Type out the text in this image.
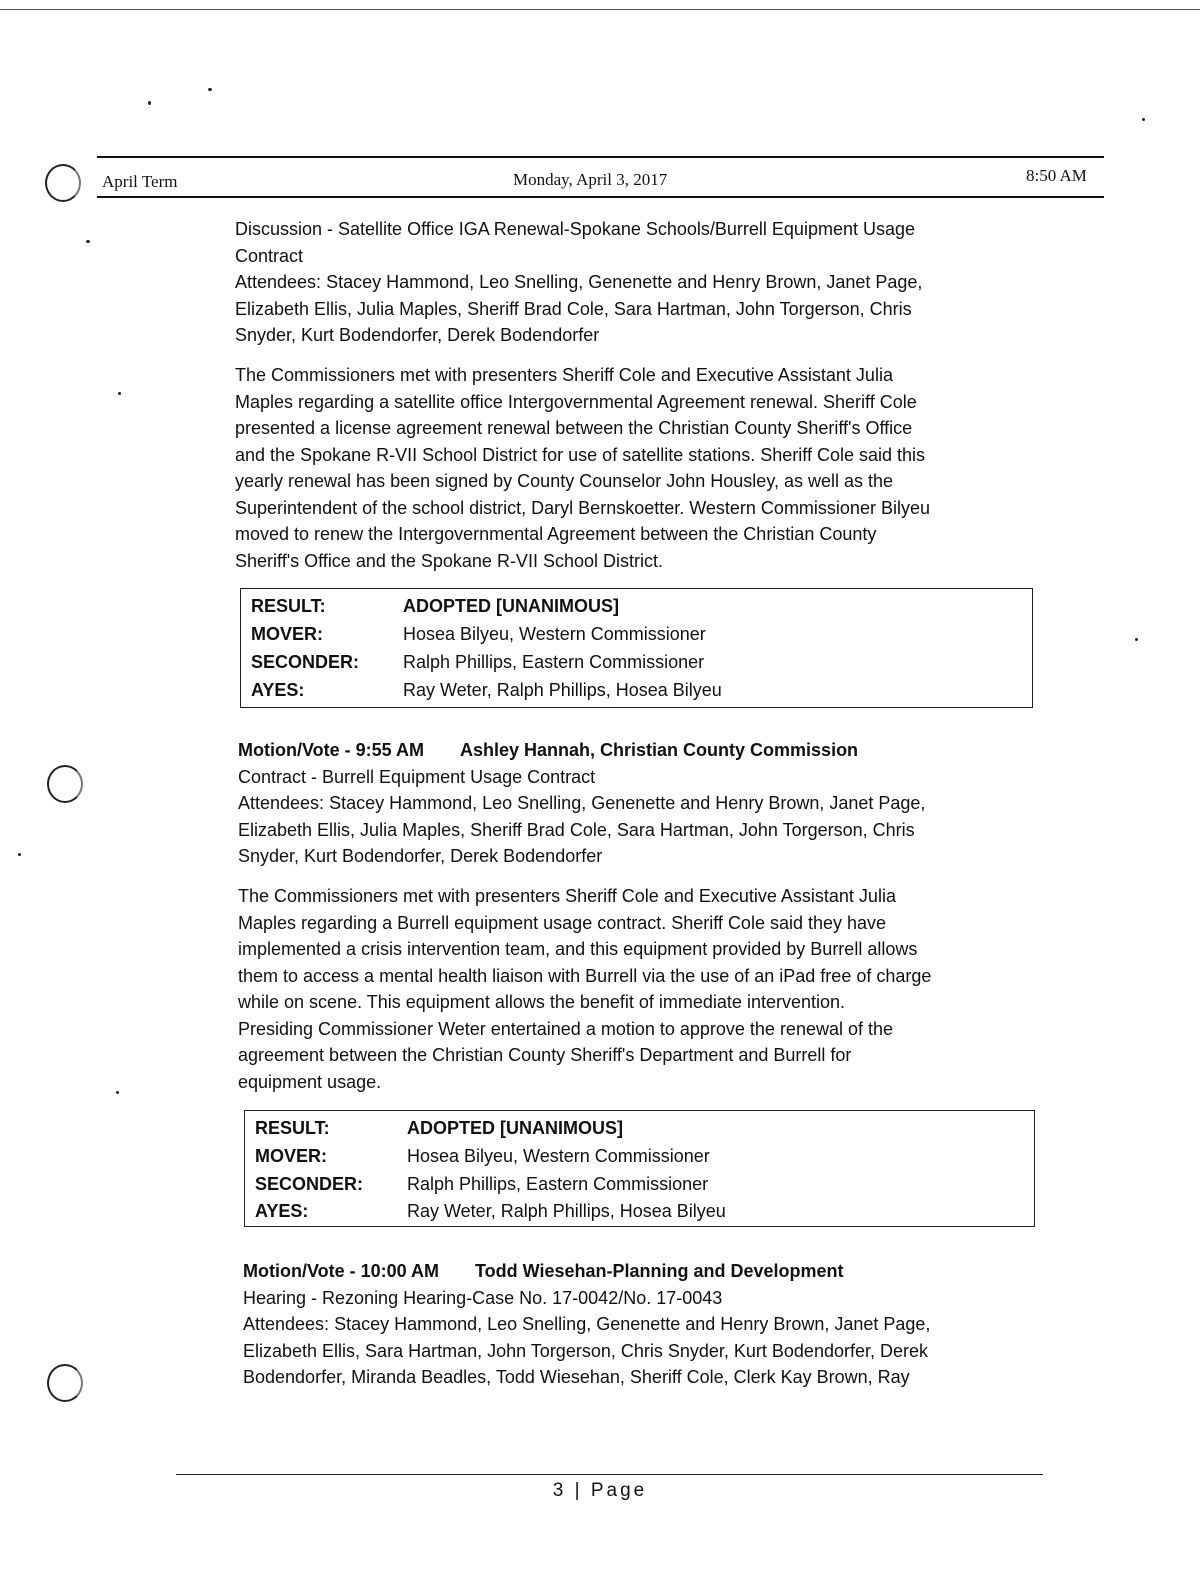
April Term	Monday, April 3, 2017	8:50 AM
Discussion - Satellite Office IGA Renewal-Spokane Schools/Burrell Equipment Usage
Contract
Attendees: Stacey Hammond, Leo Snelling, Genenette and Henry Brown, Janet Page,
Elizabeth Ellis, Julia Maples, Sheriff Brad Cole, Sara Hartman, John Torgerson, Chris
Snyder, Kurt Bodendorfer, Derek Bodendorfer
The Commissioners met with presenters Sheriff Cole and Executive Assistant Julia
Maples regarding a satellite office Intergovernmental Agreement renewal. Sheriff Cole
presented a license agreement renewal between the Christian County Sheriff's Office
and the Spokane R-VII School District for use of satellite stations. Sheriff Cole said this
yearly renewal has been signed by County Counselor John Housley, as well as the
Superintendent of the school district, Daryl Bernskoetter. Western Commissioner Bilyeu
moved to renew the Intergovernmental Agreement between the Christian County
Sheriff's Office and the Spokane R-VII School District.
RESULT:	ADOPTED [UNANIMOUS]
MOVER:	Hosea Bilyeu, Western Commissioner
SECONDER: Ralph Phillips, Eastern Commissioner
AYES:	Ray Weter, Ralph Phillips, Hosea Bilyeu
Motion/Vote - 9:55 AM Ashley Hannah, Christian County Commission
Contract - Burrell Equipment Usage Contract
Attendees: Stacey Hammond, Leo Snelling, Genenette and Henry Brown, Janet Page,
Elizabeth Ellis, Julia Maples, Sheriff Brad Cole, Sara Hartman, John Torgerson, Chris
Snyder, Kurt Bodendorfer, Derek Bodendorfer
The Commissioners met with presenters Sheriff Cole and Executive Assistant Julia
Maples regarding a Burrell equipment usage contract. Sheriff Cole said they have
implemented a crisis intervention team, and this equipment provided by Burrell allows
them to access a mental health liaison with Burrell via the use of an iPad free of charge
while on scene. This equipment allows the benefit of immediate intervention.
Presiding Commissioner Weter entertained a motion to approve the renewal of the
agreement between the Christian County Sheriff's Department and Burrell for
equipment usage.
RESULT:	ADOPTED [UNANIMOUS]
MOVER:	Hosea Bilyeu, Western Commissioner
SECONDER: Ralph Phillips, Eastern Commissioner
AYES:	Ray Weter, Ralph Phillips, Hosea Bilyeu
Motion/Vote - 10:00 AM Todd Wiesehan-Planning and Development
Hearing - Rezoning Hearing-Case No. 17-0042/No. 17-0043
Attendees: Stacey Hammond, Leo Snelling, Genenette and Henry Brown, Janet Page,
Elizabeth Ellis, Sara Hartman, John Torgerson, Chris Snyder, Kurt Bodendorfer, Derek
Bodendorfer, Miranda Beadles, Todd Wiesehan, Sheriff Cole, Clerk Kay Brown, Ray
3 | Page
